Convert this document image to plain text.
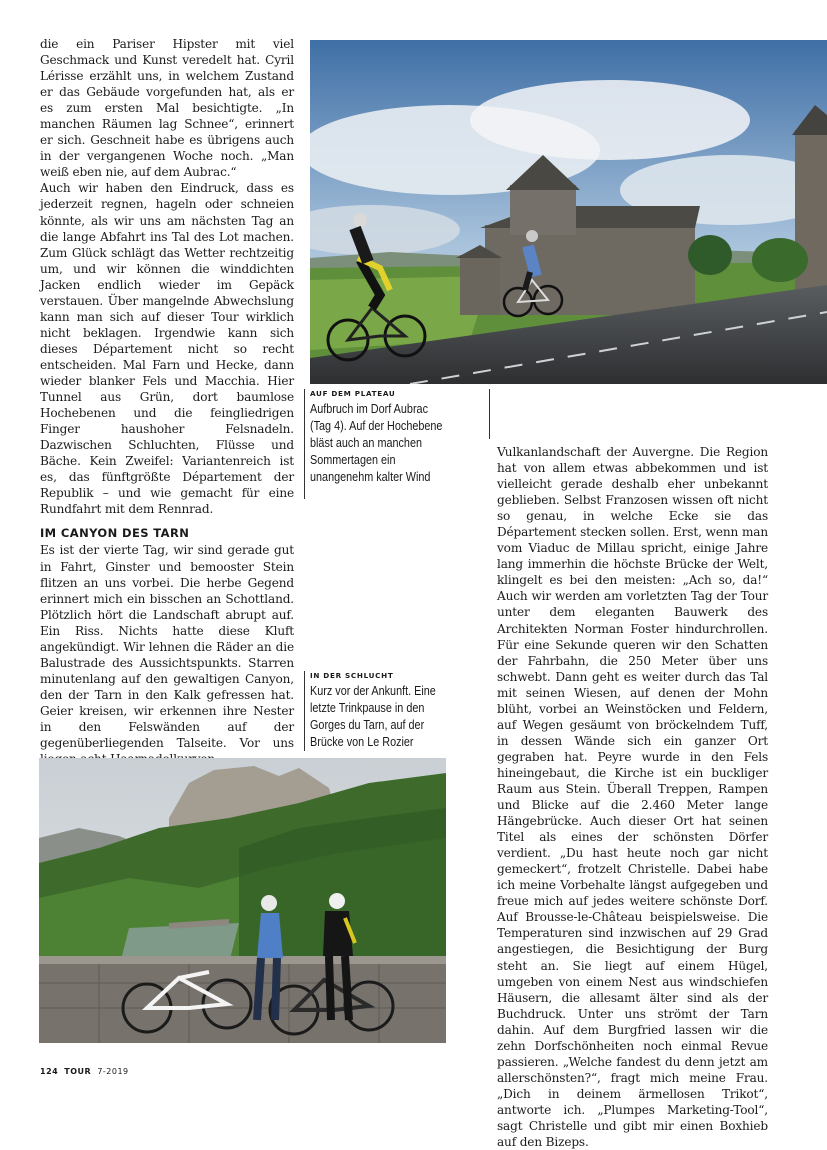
die ein Pariser Hipster mit viel Geschmack und Kunst veredelt hat. Cyril Lérisse erzählt uns, in welchem Zustand er das Gebäude vorgefunden hat, als er es zum ersten Mal besichtigte. „In manchen Räumen lag Schnee“, erinnert er sich. Geschneit habe es übrigens auch in der vergangenen Woche noch. „Man weiß eben nie, auf dem Aubrac.“

Auch wir haben den Eindruck, dass es jederzeit regnen, hageln oder schneien könnte, als wir uns am nächsten Tag an die lange Abfahrt ins Tal des Lot machen. Zum Glück schlägt das Wetter rechtzeitig um, und wir können die winddichten Jacken endlich wieder im Gepäck verstauen. Über mangelnde Abwechslung kann man sich auf dieser Tour wirklich nicht beklagen. Irgendwie kann sich dieses Département nicht so recht entscheiden. Mal Farn und Hecke, dann wieder blanker Fels und Macchia. Hier Tunnel aus Grün, dort baumlose Hochebenen und die feingliedrigen Finger haushoher Felsnadeln. Dazwischen Schluchten, Flüsse und Bäche. Kein Zweifel: Variantenreich ist es, das fünftgrößte Département der Republik – und wie gemacht für eine Rundfahrt mit dem Rennrad.

IM CANYON DES TARN

Es ist der vierte Tag, wir sind gerade gut in Fahrt, Ginster und bemooster Stein flitzen an uns vorbei. Die herbe Gegend erinnert mich ein bisschen an Schottland. Plötzlich hört die Landschaft abrupt auf. Ein Riss. Nichts hatte diese Kluft angekündigt. Wir lehnen die Räder an die Balustrade des Aussichtspunkts. Starren minutenlang auf den gewaltigen Canyon, den der Tarn in den Kalk gefressen hat. Geier kreisen, wir erkennen ihre Nester in den Felswänden auf der gegenüberliegenden Talseite. Vor uns

AUF DEM PLATEAU
Aufbruch im Dorf Aubrac (Tag 4). Auf der Hochebene bläst auch an manchen Sommertagen ein unangenehm kalter Wind
IN DER SCHLUCHT
Kurz vor der Ankunft. Eine letzte Trinkpause in den Gorges du Tarn, auf der Brücke von Le Rozier

Vulkanlandschaft der Auvergne. Die Region hat von allem etwas abbekommen und ist vielleicht gerade deshalb eher unbekannt geblieben. Selbst Franzosen wissen oft nicht so genau, in welche Ecke sie das Département stecken sollen. Erst, wenn man vom Viaduc de Millau spricht, einige Jahre lang immerhin die höchste Brücke der Welt, klingelt es bei den meisten: „Ach so, da!“ Auch wir werden am vorletzten Tag der Tour unter dem eleganten Bauwerk des Architekten Norman Foster hindurchrollen. Für eine Sekunde queren wir den Schatten der Fahrbahn, die 250 Meter über uns schwebt. Dann geht es weiter durch das Tal mit seinen Wiesen, auf denen der Mohn blüht, vorbei an Weinstöcken und Feldern, auf Wegen gesäumt von bröckelndem Tuff, in dessen Wände sich ein ganzer Ort gegraben hat. Peyre wurde in den Fels hineingebaut, die Kirche ist ein buckliger Raum aus Stein. Überall Treppen, Rampen und Blicke auf die 2.460 Meter lange Hängebrücke. Auch dieser Ort hat seinen Titel als eines der schönsten Dörfer verdient. „Du hast heute noch gar nicht gemeckert“, frotzelt Christelle. Dabei habe ich meine Vorbehalte längst aufgegeben und freue mich auf jedes weitere schönste Dorf. Auf Brousse-le-Château beispielsweise. Die Temperaturen sind inzwischen auf 29 Grad angestiegen, die Besichtigung der Burg steht an. Sie liegt auf einem Hügel, umgeben von einem Nest aus windschiefen Häusern, die allesamt älter sind als der Buchdruck. Unter uns strömt der Tarn dahin. Auf dem Burgfried lassen wir die zehn Dorfschönheiten noch einmal Revue passieren. „Welche fandest du denn jetzt am allerschönsten?“, fragt mich meine Frau. „Dich in deinem ärmellosen Trikot“, antworte ich. „Plumpes Marketing-Tool“, sagt Christelle und gibt mir einen Boxhieb auf den Bizeps.

124 TOUR 7-2019
